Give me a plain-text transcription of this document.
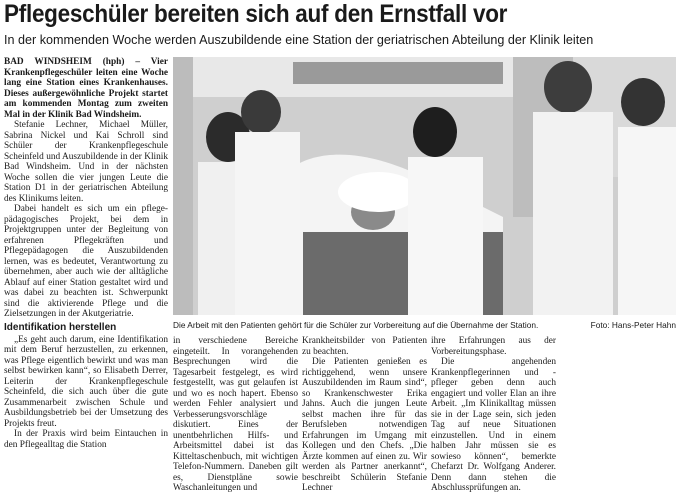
Pflegeschüler bereiten sich auf den Ernstfall vor
In der kommenden Woche werden Auszubildende eine Station der geriatrischen Abteilung der Klinik leiten

BAD WINDSHEIM (hph) – Vier Krankenpflegeschüler leiten eine Woche lang eine Station eines Krankenhauses. Dieses außergewöhnliche Projekt startet am kommenden Montag zum zweiten Mal in der Klinik Bad Windsheim.

Stefanie Lechner, Michael Müller, Sabrina Nickel und Kai Schroll sind Schüler der Krankenpflegeschule Scheinfeld und Auszubildende in der Klinik Bad Windsheim. Und in der nächsten Woche sollen die vier jungen Leute die Station D1 in der geriatrischen Abteilung des Klinikums leiten.

Dabei handelt es sich um ein pflege-pädagogisches Projekt, bei dem in Projektgruppen unter der Begleitung von erfahrenen Pflegekräften und Pflegepädagogen die Auszubildenden lernen, was es bedeutet, Verantwortung zu übernehmen, aber auch wie der alltägliche Ablauf auf einer Station gestaltet wird und was dabei zu beachten ist. Schwerpunkt sind die aktivierende Pflege und die Zielsetzungen in der Akutgeriatrie.

Identifikation herstellen

„Es geht auch darum, eine Identifikation mit dem Beruf herzustellen, zu erkennen, was Pflege eigentlich bewirkt und was man selbst bewirken kann“, so Elisabeth Derrer, Leiterin der Krankenpflegeschule Scheinfeld, die sich auch über die gute Zusammenarbeit zwischen Schule und Ausbildungsbetrieb bei der Umsetzung des Projekts freut.

In der Praxis wird beim Eintauchen in den Pflegealltag die Station

Die Arbeit mit den Patienten gehört für die Schüler zur Vorbereitung auf die Übernahme der Station.	Foto: Hans-Peter Hahn

in verschiedene Bereiche eingeteilt. In vorangehenden Besprechungen wird die Tagesarbeit festgelegt, es wird festgestellt, was gut gelaufen ist und wo es noch hapert. Ebenso werden Fehler analysiert und Verbesserungsvorschläge diskutiert. Eines der unentbehrlichen Hilfs- und Arbeitsmittel dabei ist das Kitteltaschenbuch, mit wichtigen Telefon-Nummern. Daneben gilt es, Dienstpläne sowie Waschanleitungen und

Krankheitsbilder von Patienten zu beachten.

Die Patienten genießen es richtiggehend, wenn unsere Auszubildenden im Raum sind“, so Krankenschwester Erika Jahns. Auch die jungen Leute selbst machen ihre für das Berufsleben notwendigen Erfahrungen im Umgang mit Kollegen und den Chefs. „Die Ärzte kommen auf einen zu. Wir werden als Partner anerkannt“, beschreibt Schülerin Stefanie Lechner

ihre Erfahrungen aus der Vorbereitungsphase.

Die angehenden Krankenpflegerinnen und -pfleger geben denn auch engagiert und voller Elan an ihre Arbeit. „Im Klinikalltag müssen sie in der Lage sein, sich jeden Tag auf neue Situationen einzustellen. Und in einem halben Jahr müssen sie es sowieso können“, bemerkte Chefarzt Dr. Wolfgang Anderer. Denn dann stehen die Abschlussprüfungen an.
